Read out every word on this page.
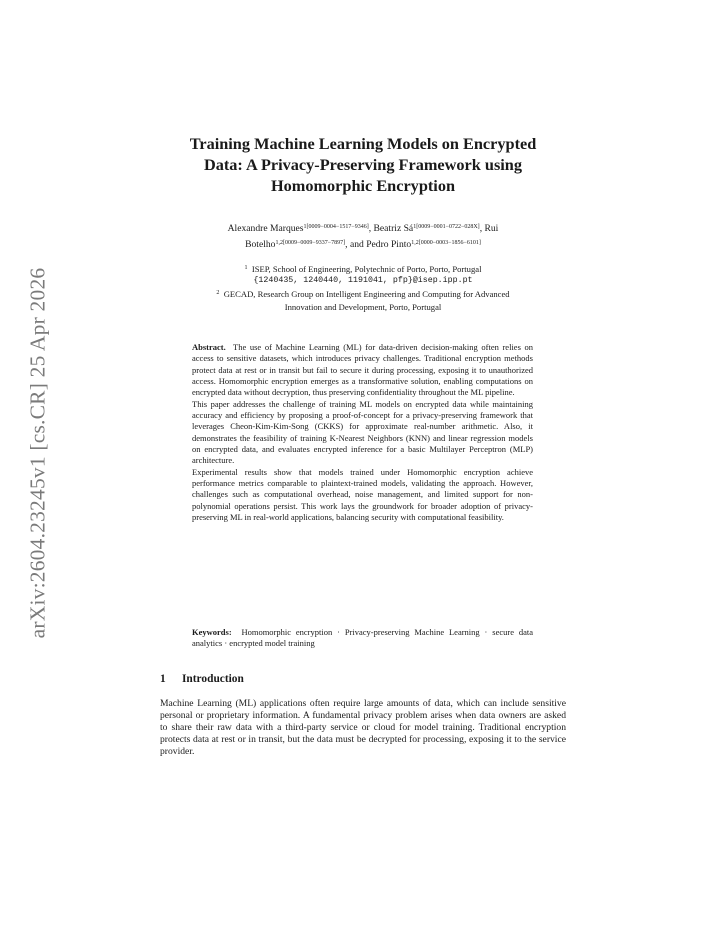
arXiv:2604.23245v1 [cs.CR] 25 Apr 2026
Training Machine Learning Models on Encrypted
Data: A Privacy-Preserving Framework using
Homomorphic Encryption
Alexandre Marques$^{1[0009-0004-1517-9346]}$, Beatriz $Sá^{1[0009-0001-0722-028X]}$, Rui
Botelho$^{1,2[0009-0009-9337-7897]}$, and Pedro Pinto$^{1,2[0000-0003-1856-6101]}$
$^1$ ISEP, School of Engineering, Polytechnic of Porto, Porto, Portugal
{1240435, 1240440, 1191041, pfp}@isep.ipp.pt
$^2$ GECAD, Research Group on Intelligent Engineering and Computing for Advanced
Innovation and Development, Porto, Portugal

Abstract. The use of Machine Learning (ML) for data-driven decision-making often relies on access to sensitive datasets, which introduces privacy challenges. Traditional encryption methods protect data at rest or in transit but fail to secure it during processing, exposing it to unauthorized access. Homomorphic encryption emerges as a transformative solution, enabling computations on encrypted data without decryption, thus preserving confidentiality throughout the ML pipeline.

This paper addresses the challenge of training ML models on encrypted data while maintaining accuracy and efficiency by proposing a proof-of-concept for a privacy-preserving framework that leverages Cheon-Kim-Kim-Song (CKKS) for approximate real-number arithmetic. Also, it demonstrates the feasibility of training K-Nearest Neighbors (KNN) and linear regression models on encrypted data, and evaluates encrypted inference for a basic Multilayer Perceptron (MLP) architecture.

Experimental results show that models trained under Homomorphic encryption achieve performance metrics comparable to plaintext-trained models, validating the approach. However, challenges such as computational overhead, noise management, and limited support for non-polynomial operations persist. This work lays the groundwork for broader adoption of privacy-preserving ML in real-world applications, balancing security with computational feasibility.

Keywords: Homomorphic encryption · Privacy-preserving Machine Learning · secure data analytics · encrypted model training
1 Introduction

Machine Learning (ML) applications often require large amounts of data, which can include sensitive personal or proprietary information. A fundamental privacy problem arises when data owners are asked to share their raw data with a third-party service or cloud for model training. Traditional encryption protects data at rest or in transit, but the data must be decrypted for processing, exposing it to the service provider.
